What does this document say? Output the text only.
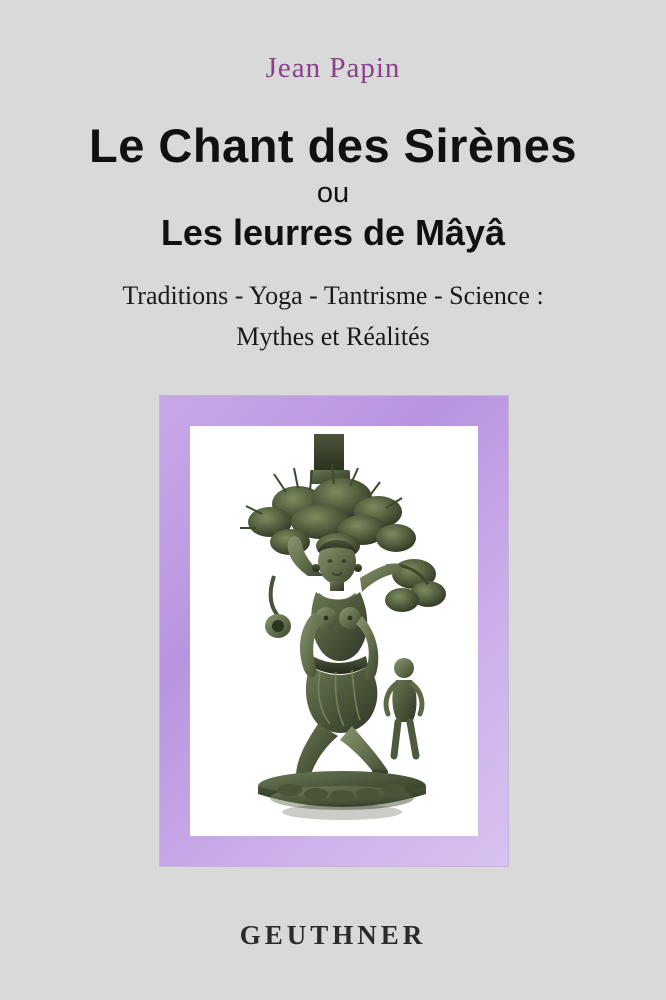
Jean Papin
Le Chant des Sirènes
ou
Les leurres de Mâyâ
Traditions - Yoga - Tantrisme - Science :
Mythes et Réalités
GEUTHNER
